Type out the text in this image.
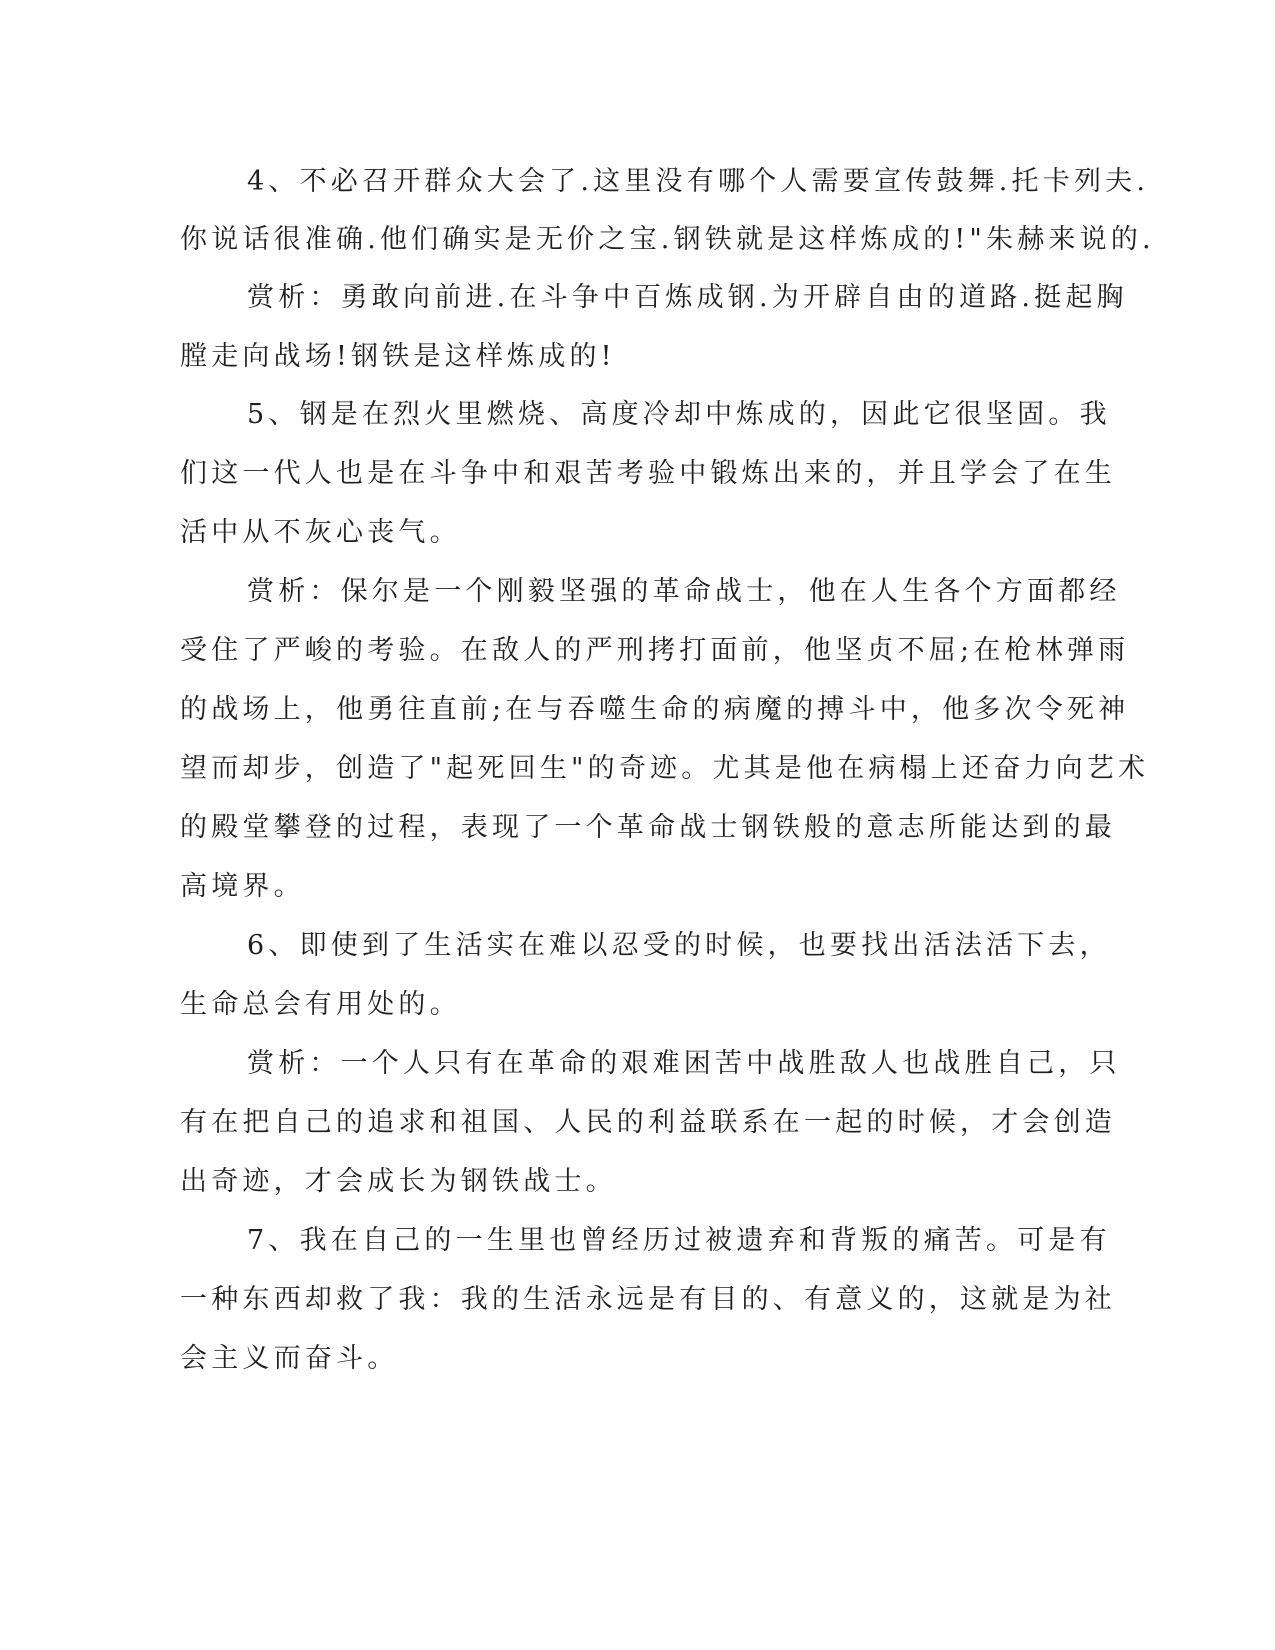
4、不必召开群众大会了.这里没有哪个人需要宣传鼓舞.托卡列夫.
你说话很准确.他们确实是无价之宝.钢铁就是这样炼成的!"朱赫来说的.
赏析：勇敢向前进.在斗争中百炼成钢.为开辟自由的道路.挺起胸
膛走向战场!钢铁是这样炼成的!
5、钢是在烈火里燃烧、高度冷却中炼成的，因此它很坚固。我
们这一代人也是在斗争中和艰苦考验中锻炼出来的，并且学会了在生
活中从不灰心丧气。
赏析：保尔是一个刚毅坚强的革命战士，他在人生各个方面都经
受住了严峻的考验。在敌人的严刑拷打面前，他坚贞不屈;在枪林弹雨
的战场上，他勇往直前;在与吞噬生命的病魔的搏斗中，他多次令死神
望而却步，创造了"起死回生"的奇迹。尤其是他在病榻上还奋力向艺术
的殿堂攀登的过程，表现了一个革命战士钢铁般的意志所能达到的最
高境界。
6、即使到了生活实在难以忍受的时候，也要找出活法活下去，
生命总会有用处的。
赏析：一个人只有在革命的艰难困苦中战胜敌人也战胜自己，只
有在把自己的追求和祖国、人民的利益联系在一起的时候，才会创造
出奇迹，才会成长为钢铁战士。
7、我在自己的一生里也曾经历过被遗弃和背叛的痛苦。可是有
一种东西却救了我：我的生活永远是有目的、有意义的，这就是为社
会主义而奋斗。
